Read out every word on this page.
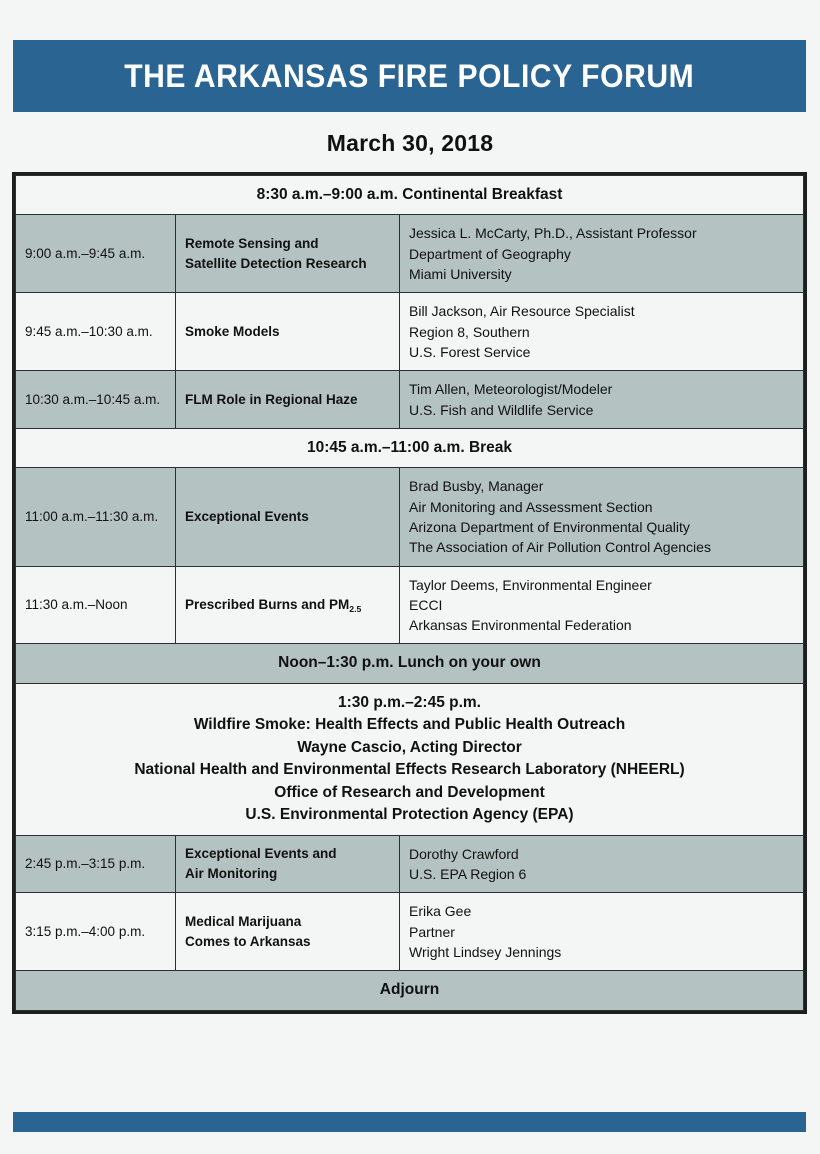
THE ARKANSAS FIRE POLICY FORUM
March 30, 2018
8:30 a.m.–9:00 a.m. Continental Breakfast		
9:00 a.m.–9:45 a.m.	Remote Sensing and
Satellite Detection Research	Jessica L. McCarty, Ph.D., Assistant Professor
Department of Geography
Miami University

9:45 a.m.–10:30 a.m.	Smoke Models	Bill Jackson, Air Resource Specialist
Region 8, Southern
U.S. Forest Service

10:30 a.m.–10:45 a.m.	FLM Role in Regional Haze	Tim Allen, Meteorologist/Modeler
U.S. Fish and Wildlife Service

10:45 a.m.–11:00 a.m. Break		
11:00 a.m.–11:30 a.m.	Exceptional Events	Brad Busby, Manager
Air Monitoring and Assessment Section
Arizona Department of Environmental Quality
The Association of Air Pollution Control Agencies

11:30 a.m.–Noon	Prescribed Burns and $PM_{2.5}$	Taylor Deems, Environmental Engineer
ECCI
Arkansas Environmental Federation

Noon–1:30 p.m. Lunch on your own		

1:30 p.m.–2:45 p.m.
Wildfire Smoke: Health Effects and Public Health Outreach
Wayne Cascio, Acting Director
National Health and Environmental Effects Research Laboratory (NHEERL)
Office of Research and Development
U.S. Environmental Protection Agency (EPA)

2:45 p.m.–3:15 p.m.	Exceptional Events and
Air Monitoring	Dorothy Crawford
U.S. EPA Region 6

3:15 p.m.–4:00 p.m.	Medical Marijuana
Comes to Arkansas	Erika Gee
Partner
Wright Lindsey Jennings

Adjourn		
